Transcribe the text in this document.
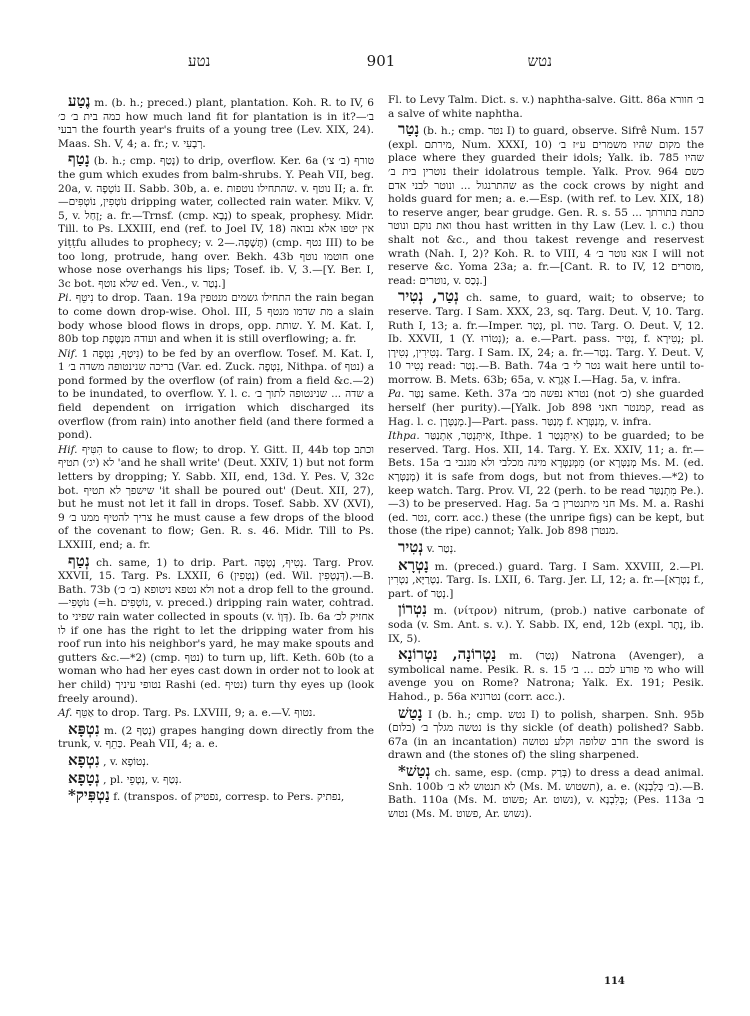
נטע	901	נטש

נֶטַע m. (b. h.; preced.) plant, plantation. Koh. R. to IV, 6 כמה בית ב׳ כ׳ how much land fit for plantation is in it?—ב׳ רבעי the fourth year's fruits of a young tree (Lev. XIX, 24). Maas. Sh. V, 4; a. fr.; v. רְבָעִי.

נָטַף (b. h.; cmp. נָטַף) to drip, overflow. Ker. 6a טורף (ב׳ צ׳) the gum which exudes from balm-shrubs. Y. Peah VII, beg. 20a, v. נוֹטְפָה II. Sabb. 30b, a. e. שהתחילו נוטפות. v. נוטף II; a. fr.—נוֹטְפִין, נוֹטְפִים dripping water, collected rain water. Mikv. V, 5, v. זָחַל; a. fr.—Trnsf. (cmp. נָבָא) to speak, prophesy. Midr. Till. to Ps. LXXIII, end (ref. to Joel IV, 18) אין יטפו אלא נבואה yiṭṭfu alludes to prophecy; v. תֶּשֶׁפָה.—2) (cmp. נטף III) to be too long, protrude, hang over. Bekh. 43b חוטמו נוטף one whose nose overhangs his lips; Tosef. ib. V, 3.—[Y. Ber. I, 3c bot. שלא נוטף ed. Ven., v. נָטַר.]

Pi. נִיטֵף to drop. Taan. 19a התחילו גשמים מנטפין the rain began to come down drop-wise. Ohol. III, 5 מת שדמו מנטף a slain body whose blood flows in drops, opp. שותת. Y. M. Kat. I, 80b top ועודה מנַטֶּפֶת and when it is still overflowing; a. fr.

Nif. נִיטַף, נִטְפָה 1) to be fed by an overflow. Tosef. M. Kat. I, 1 בריכה שנינטופה משדה ב׳ (Var. ed. Zuck. נִטְפָה, Nithpa. of נטף) a pond formed by the overflow (of rain) from a field &c.—2) to be inundated, to overflow. Y. l. c. שדה ... שנינטופה לתוך ב׳ a field dependent on irrigation which discharged its overflow (from rain) into another field (and there formed a pond).

Hif. הִטִּיף to cause to flow; to drop. Y. Gitt. II, 44b top וכתב לא (יג׳) תטיף 'and he shall write' (Deut. XXIV, 1) but not form letters by dropping; Y. Sabb. XII, end, 13d. Y. Pes. V, 32c bot. שישפך לא תטיף 'it shall be poured out' (Deut. XII, 27), but he must not let it fall in drops. Tosef. Sabb. XV (XVI), 9 צריך להטיף ממנו ב׳ he must cause a few drops of the blood of the covenant to flow; Gen. R. s. 46. Midr. Till to Ps. LXXIII, end; a. fr.

נְטַף ch. same, 1) to drip. Part. נָטִיף, נָטְפָה. Targ. Prov. XXVII, 15. Targ. Ps. LXXII, 6 (נָטְפִין) (ed. Wil. דְּנָטְפִין).—B. Bath. 73b ולא נטפא ניטופא (ב׳ כ׳) not a drop fell to the ground.—נוֹטְפִי (=h. נוֹטְפִים, v. preced.) dripping rain water, cohtrad. to שפיני rain water collected in spouts (v. דְּוָוֹ). Ib. 6a אחזיק לכ׳ לו if one has the right to let the dripping water from his roof run into his neighbor's yard, he may make spouts and gutters &c.—*2) (cmp. נטף) to turn up, lift. Keth. 60b (to a woman who had her eyes cast down in order not to look at her child) נטופי עיניך Rashi (ed. נטיף) turn thy eyes up (look freely around).

Af. אַטֵּף to drop. Targ. Ps. LXVIII, 9; a. e.—V. נטוף.

נִטְפָּא m. (נְטַף 2) grapes hanging down directly from the trunk, v. כַּתֵף. Peah VII, 4; a. e.

נִטְפָא , v. נְטוֹפָא.

נְטָפָא , pl. נְטָפֵי, v. נְטַף.

*נַטְפִּיק f. (transpos. of נפטיק, corresp. to Pers. נפתיק,

Fl. to Levy Talm. Dict. s. v.) naphtha-salve. Gitt. 86a ב׳ חוורא a salve of white naphtha.

נָטַר (b. h.; cmp. נטר I) to guard, observe. Sifrê Num. 157 (expl. מירתם, Num. XXXI, 10) מקום שהיו משמרים ע״ז ב׳ the place where they guarded their idols; Yalk. ib. 785 שהיו נוטרין בית ב׳ their idolatrous temple. Yalk. Prov. 964 כשם שהתרנגול ... ונוטר לבני אדם as the cock crows by night and holds guard for men; a. e.—Esp. (with ref. to Lev. XIX, 18) to reserve anger, bear grudge. Gen. R. s. 55 כתבת בתורתך ... ואת נוקם ונוטר thou hast written in thy Law (Lev. l. c.) thou shalt not &c., and thou takest revenge and reservest wrath (Nah. I, 2)? Koh. R. to VIII, 4 אנא נוטר ב׳ I will not reserve &c. Yoma 23a; a. fr.—[Cant. R. to IV, 12 מוסרים, read: נוטרים, v. נְכַס.]

נְטַר, נְטִיר ch. same, to guard, wait; to observe; to reserve. Targ. I Sam. XXX, 23, sq. Targ. Deut. V, 10. Targ. Ruth I, 13; a. fr.—Imper. נְטַר, pl. טרו. Targ. O. Deut. V, 12. Ib. XXVII, 1 (Y. נְטוֹרוּ); a. e.—Part. pass. נְטִיר, f. נְטִירָא; pl. נְטִירִין, נְטִירָן. Targ. I Sam. IX, 24; a. fr.—נְטַר. Targ. Y. Deut. V, 10 נְטִיר read: נְטַר.—B. Bath. 74a נטר לי ב׳ wait here until to-morrow. B. Mets. 63b; 65a, v. אַגְרָא I.—Hag. 5a, v. infra.

Pa. נַטַּר same. Keth. 37a נטרא נפשה מב׳ (not כ׳) she guarded herself (her purity).—[Yalk. Job 898 קמנטר חאני, read as Hag. l. c. מְנַטְּרָן.]—Part. pass. מְנַטַּר f. מְנַטְּרָא, v. infra.

Ithpa. אִיתְּנְטַר, אִתְנַטַּר, Ithpe. אִיתְּנְטַר 1) to be guarded; to be reserved. Targ. Hos. XII, 14. Targ. Y. Ex. XXIV, 11; a. fr.—Bets. 15a מִמְּנַטְּרָא מינה מכלבי ולא מגנבי ב׳ (or מְנַטְּרָא Ms. M. (ed. מְנַטְּרָא) it is safe from dogs, but not from thieves.—*2) to keep watch. Targ. Prov. VI, 22 (perh. to be read מִתְנַטַּר Pe.).—3) to be preserved. Hag. 5a חני מיתנטרין ב׳ Ms. M. a. Rashi (ed. נטר, corr. acc.) these (the unripe figs) can be kept, but those (the ripe) cannot; Yalk. Job 898 מנטרן.

נְטִיר v. נְטַר.

נָטְרָא m. (preced.) guard. Targ. I Sam. XXVIII, 2.—Pl. נַטְרַיָּא, נַטְרִין. Targ. Is. LXII, 6. Targ. Jer. LI, 12; a. fr.—[נַטְרָא f., part. of נְטַר.]

נִטְרוֹן m. (νίτρον) nitrum, (prob.) native carbonate of soda (v. Sm. Ant. s. v.). Y. Sabb. IX, end, 12b (expl. נֶתֶר, ib. IX, 5).

נַטְרוֹנָה, נַטְרוֹנָא m. (נְטַר) Natrona (Avenger), a symbolical name. Pesik. R. s. 15 מי פורע לכם ... ב׳ who will avenge you on Rome? Natrona; Yalk. Ex. 191; Pesik. Hahod., p. 56a נטרוניא (corr. acc.).

נָטַשׁ I (b. h.; cmp. נטש I) to polish, sharpen. Snh. 95b (בלום) נטשה מגלך ב׳ is thy sickle (of death) polished? Sabb. 67a (in an incantation) חרב שלופה וקלע נטושה the sword is drawn and (the stones of) the sling sharpened.

*נְטַשׁ ch. same, esp. (cmp. בְּרַק) to dress a dead animal. Snh. 100b לא תנטוש לא ב׳ (Ms. M. תשטוש), a. e. (ב׳ בְּלַבְנָא).—B. Bath. 110a (Ms. M. פשוט; Ar. נשוט), v. בְּלִבְנָא; (Pes. 113a ב׳ נטוש (Ms. M. פשוט, Ar. נשוש).

114
